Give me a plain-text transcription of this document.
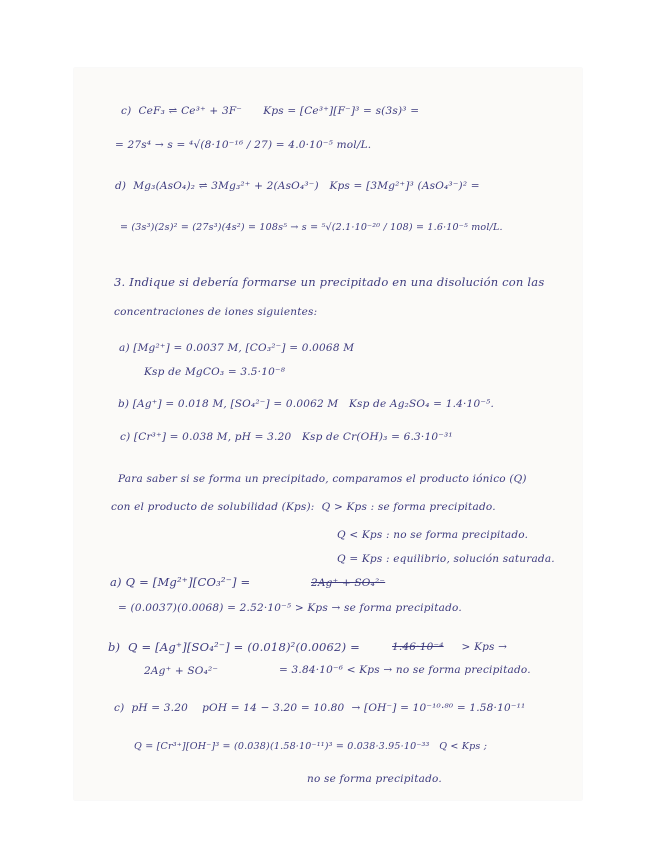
c)  CeF₃ ⇌ Ce³⁺ + 3F⁻      Kps = [Ce³⁺][F⁻]³ = s(3s)³ =
= 27s⁴ → s = ⁴√(8·10⁻¹⁶ / 27) = 4.0·10⁻⁵ mol/L.
d)  Mg₃(AsO₄)₂ ⇌ 3Mg₃²⁺ + 2(AsO₄³⁻)   Kps = [3Mg²⁺]³ (AsO₄³⁻)² =
= (3s³)(2s)² = (27s³)(4s²) = 108s⁵ → s = ⁵√(2.1·10⁻²⁰ / 108) = 1.6·10⁻⁵ mol/L.
3. Indique si debería formarse un precipitado en una disolución con las
concentraciones de iones siguientes:
a) [Mg²⁺] = 0.0037 M, [CO₃²⁻] = 0.0068 M
Ksp de MgCO₃ = 3.5·10⁻⁸
b) [Ag⁺] = 0.018 M, [SO₄²⁻] = 0.0062 M   Ksp de Ag₂SO₄ = 1.4·10⁻⁵.
c) [Cr³⁺] = 0.038 M, pH = 3.20   Ksp de Cr(OH)₃ = 6.3·10⁻³¹
Para saber si se forma un precipitado, comparamos el producto iónico (Q)
con el producto de solubilidad (Kps):  Q > Kps : se forma precipitado.
Q < Kps : no se forma precipitado.
Q = Kps : equilibrio, solución saturada.
a) Q = [Mg²⁺][CO₃²⁻] =	2Ag⁺ + SO₄²⁻
= (0.0037)(0.0068) = 2.52·10⁻⁵ > Kps → se forma precipitado.
b)  Q = [Ag⁺][SO₄²⁻] = (0.018)²(0.0062) =	1.46·10⁻⁴ > Kps →
2Ag⁺ + SO₄²⁻	= 3.84·10⁻⁶ < Kps → no se forma precipitado.
c)  pH = 3.20    pOH = 14 − 3.20 = 10.80  → [OH⁻] = 10⁻¹⁰·⁸⁰ = 1.58·10⁻¹¹
Q = [Cr³⁺][OH⁻]³ = (0.038)(1.58·10⁻¹¹)³ = 0.038·3.95·10⁻³³   Q < Kps ;
no se forma precipitado.
